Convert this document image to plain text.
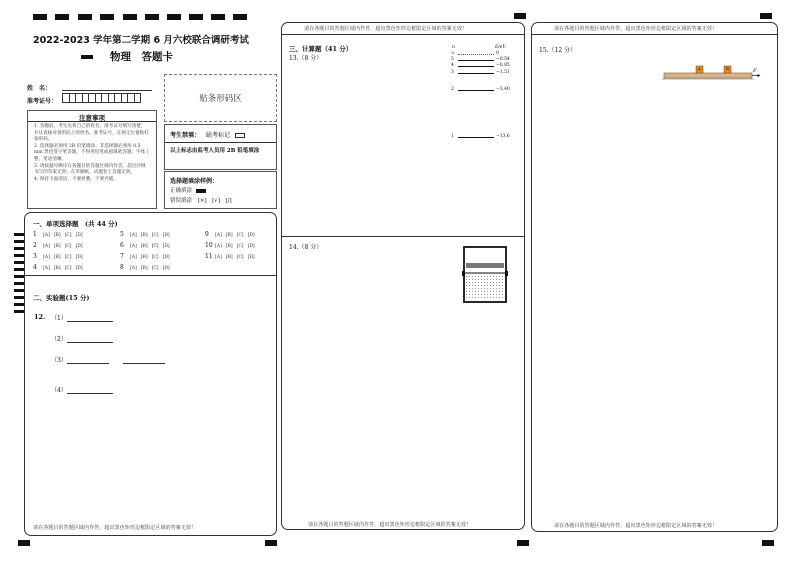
2022-2023 学年第二学期 6 月六校联合调研考试
物理　答题卡
姓　名：
准考证号：	贴条形码区
注意事项
1. 答题前，考生先将自己的姓名、准考证号填写清楚，并认真核对条形码上的姓名、准考证号，在规定位置贴好条形码。
2. 选择题必须用 2B 铅笔填涂；非选择题必须用 0.5 mm 黑色签字笔答题，不得用铅笔或圆珠笔答题；字体工整、笔迹清晰。
3. 请按题号顺序在各题目的答题区域内作答，超出区域书写的答案无效；在草稿纸、试题卷上答题无效。
4. 保持卡面清洁，不要折叠、不要弄破。
考生禁填： 缺考标记
以上标志由监考人员用 2B 铅笔填涂
选择题填涂样例：
正确填涂
错误填涂 [×]　[√]　[/]
一、单项选择题　(共 44 分)
1 [A] [B] [C] [D]
2 [A] [B] [C] [D]
3 [A] [B] [C] [D]
4 [A] [B] [C] [D]
5 [A] [B] [C] [D]
6 [A] [B] [C] [D]
7 [A] [B] [C] [D]
8 [A] [B] [C] [D]
9 [A] [B] [C] [D]
10 [A] [B] [C] [D]
11 [A] [B] [C] [D]
二、实验题(15 分)
12. （1）
（2）
（3）
（4）
请在各题目的答题区域内作答，超出黑色矩形边框限定区域的答案无效！
请在各题目的答题区域内作答，超出黑色矩形边框限定区域的答案无效！
三、计算题（41 分）
13.（8 分）
n	E/eV
∞	0
5	−0.54
4	−0.85
3	−1.51
2	−3.40
1	−13.6
14.（8 分）
请在各题目的答题区域内作答，超出黑色矩形边框限定区域的答案无效！
请在各题目的答题区域内作答，超出黑色矩形边框限定区域的答案无效！
15.（12 分）
A	B	F
请在各题目的答题区域内作答，超出黑色矩形边框限定区域的答案无效！
